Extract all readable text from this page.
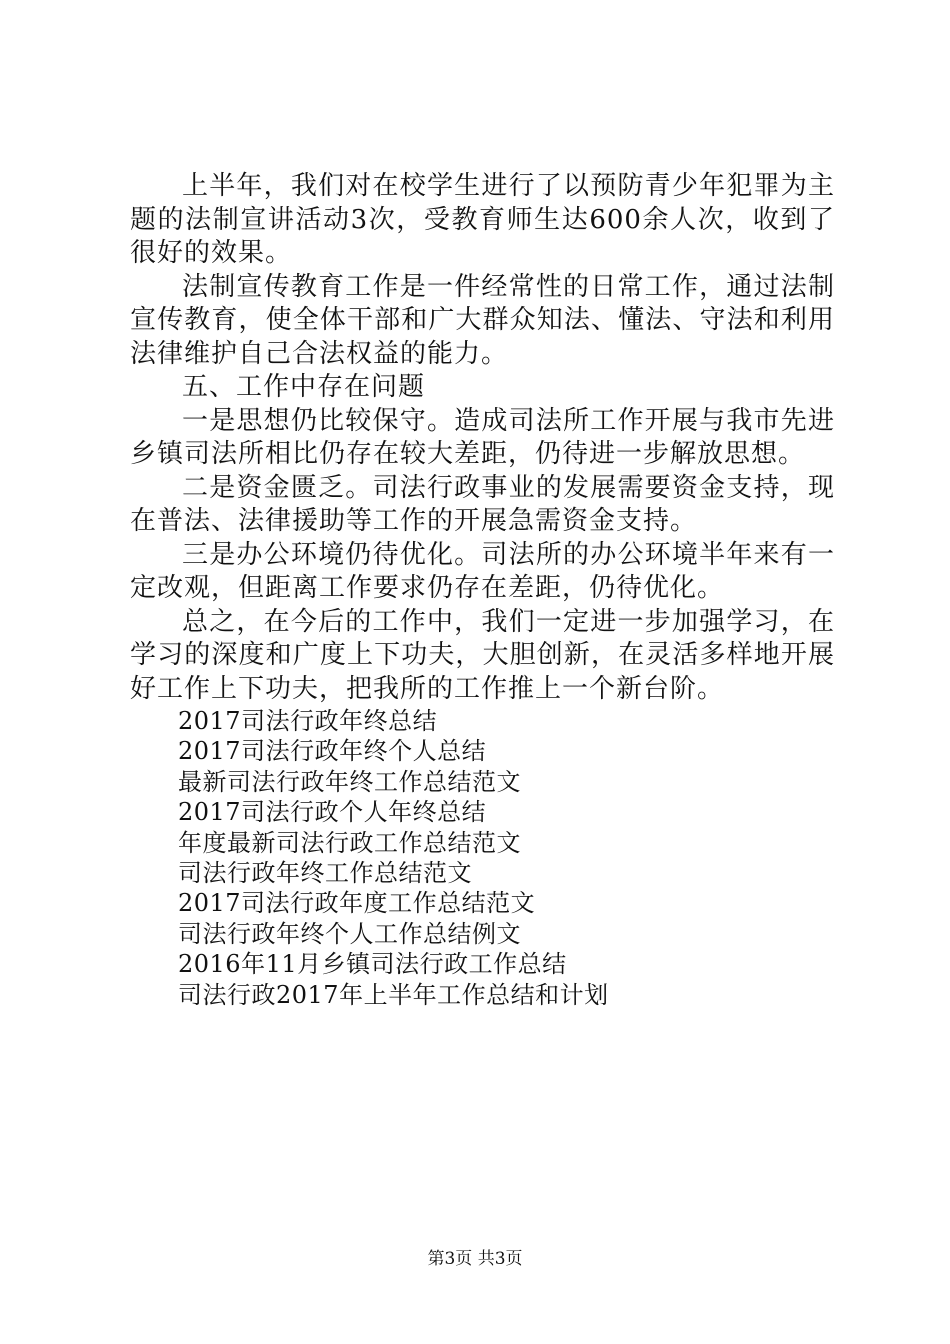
上半年，我们对在校学生进行了以预防青少年犯罪为主题的法制宣讲活动3次，受教育师生达600余人次，收到了很好的效果。

法制宣传教育工作是一件经常性的日常工作，通过法制宣传教育，使全体干部和广大群众知法、懂法、守法和利用法律维护自己合法权益的能力。

五、工作中存在问题

一是思想仍比较保守。造成司法所工作开展与我市先进乡镇司法所相比仍存在较大差距，仍待进一步解放思想。

二是资金匮乏。司法行政事业的发展需要资金支持，现在普法、法律援助等工作的开展急需资金支持。

三是办公环境仍待优化。司法所的办公环境半年来有一定改观，但距离工作要求仍存在差距，仍待优化。

总之，在今后的工作中，我们一定进一步加强学习，在学习的深度和广度上下功夫，大胆创新，在灵活多样地开展好工作上下功夫，把我所的工作推上一个新台阶。

2017司法行政年终总结
2017司法行政年终个人总结
最新司法行政年终工作总结范文
2017司法行政个人年终总结
年度最新司法行政工作总结范文
司法行政年终工作总结范文
2017司法行政年度工作总结范文
司法行政年终个人工作总结例文
2016年11月乡镇司法行政工作总结
司法行政2017年上半年工作总结和计划
第3页 共3页
